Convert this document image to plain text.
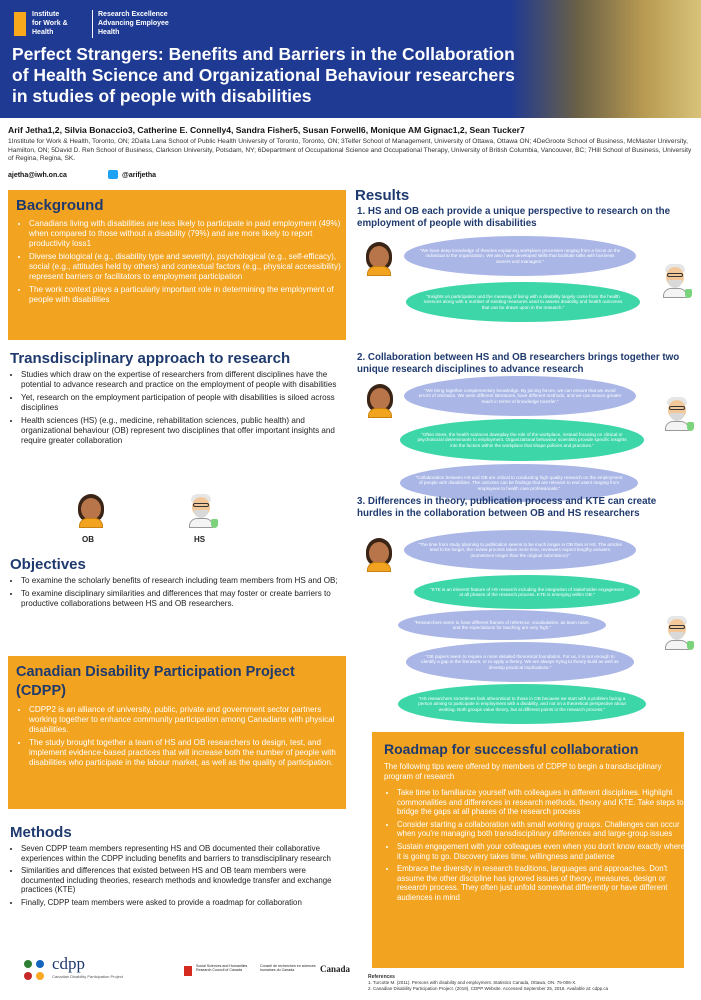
Institute
for Work &
Health
Research Excellence
Advancing Employee
Health
Perfect Strangers: Benefits and Barriers in the Collaboration of Health Science and Organizational Behaviour researchers in studies of people with disabilities
Arif Jetha1,2, Silvia Bonaccio3, Catherine E. Connelly4, Sandra Fisher5, Susan Forwell6, Monique AM Gignac1,2, Sean Tucker7
1Institute for Work & Health, Toronto, ON; 2Dalla Lana School of Public Health University of Toronto, Toronto, ON; 3Telfer School of Management, University of Ottawa, Ottawa ON; 4DeGroote School of Business, McMaster University, Hamilton, ON; 5David D. Reh School of Business, Clarkson University, Potsdam, NY; 6Department of Occupational Science and Occupational Therapy, University of British Columbia, Vancouver, BC; 7Hill School of Business, University of Regina, Regina, SK.
ajetha@iwh.on.ca	@arifjetha
Background
• Canadians living with disabilities are less likely to participate in paid employment (49%) when compared to those without a disability (79%) and are more likely to report productivity loss1
• Diverse biological (e.g., disability type and severity), psychological (e.g., self-efficacy), social (e.g., attitudes held by others) and contextual factors (e.g., physical accessibility) represent barriers or facilitators to employment participation
• The work context plays a particularly important role in determining the employment of people with disabilities
Transdisciplinary approach to research
• Studies which draw on the expertise of researchers from different disciplines have the potential to advance research and practice on the employment of people with disabilities
• Yet, research on the employment participation of people with disabilities is siloed across disciplines
• Health sciences (HS) (e.g., medicine, rehabilitation sciences, public health) and organizational behaviour (OB) represent two disciplines that offer important insights and require greater collaboration
OB	HS
Objectives
• To examine the scholarly benefits of research including team members from HS and OB;
• To examine disciplinary similarities and differences that may foster or create barriers to productive collaborations between HS and OB researchers.
Canadian Disability Participation Project (CDPP)
• CDPP2 is an alliance of university, public, private and government sector partners working together to enhance community participation among Canadians with physical disabilities.
• The study brought together a team of HS and OB researchers to design, test, and implement evidence-based practices that will increase both the number of people with disabilities who participate in the labour market, as well as the quality of participation.
Methods
• Seven CDPP team members representing HS and OB documented their collaborative experiences within the CDPP including benefits and barriers to transdisciplinary research
• Similarities and differences that existed between HS and OB team members were documented including theories, research methods and knowledge transfer and exchange practices (KTE)
• Finally, CDPP team members were asked to provide a roadmap for collaboration
cdpp
Canadian Disability Participation Project
Social Sciences and Humanities Research Council of Canada
Conseil de recherches en sciences humaines du Canada	Canada
Results
1. HS and OB each provide a unique perspective to research on the employment of people with disabilities
"We have deep knowledge of theories explaining workplace processes ranging from a focus on the individual to the organization. We also have developed skills that facilitate talks with business owners and managers."
"Insights on participation and the meaning of living with a disability largely come from the health sciences along with a number of existing measures used to assess disability and health outcomes that can be drawn upon in the research."
2. Collaboration between HS and OB researchers brings together two unique research disciplines to advance research
"We bring together complementary knowledge. By joining forces, we can ensure that we avoid errors of omission. We were different literatures, have different methods, and we can ensure greater reach in terms of knowledge transfer."
"Often times, the health sciences downplay the role of the workplace, instead focusing on clinical or psychosocial determinants to employment. Organizational behaviour scientists provide specific insights into the factors within the workplace that shape policies and practices."
"Collaboration between HS and OB are critical to conducting high quality research on the employment of people with disabilities. The outcome can be findings that are relevant to end users ranging from employees to health care professionals."
3. Differences in theory, publication process and KTE can create hurdles in the collaboration between OB and HS researchers
"The time from study planning to publication seems to be much longer in OB than in HS. The articles tend to be longer, the review process takes more time, reviewers expect lengthy answers (sometimes longer than the original submission)"
"KTE is an inherent feature of HS research including the integration of stakeholder engagement at all phases of the research process. KTE is emerging within OB."
"Researchers seem to have different frames of reference, vocabularies, as team roam, and the expectations for teaching are very high."
"OB papers seem to require a more detailed theoretical foundation. For us, it is not enough to identify a gap in the literature, or to apply a theory. We are always trying to theory-build as well as develop practical implications."
"HS researchers sometimes look atheoretical to those in OB because we start with a problem facing a person aiming to participate in employment with a disability, and not on a theoretical perspective about working. Both groups value theory, but at different points in the research process."
Roadmap for successful collaboration
The following tips were offered by members of CDPP to begin a transdisciplinary program of research
• Take time to familiarize yourself with colleagues in different disciplines. Highlight commonalities and differences in research methods, theory and KTE. Take steps to bridge the gaps at all phases of the research process
• Consider starting a collaboration with small working groups. Challenges can occur when you're managing both transdisciplinary differences and large-group issues
• Sustain engagement with your colleagues even when you don't know exactly where it is going to go. Discovery takes time, willingness and patience
• Embrace the diversity in research traditions, languages and approaches. Don't assume the other discipline has ignored issues of theory, measures, design or research process. They often just unfold somewhat differently or have different audiences in mind
References
1. Turcotte M. (2011). Persons with disability and employment. Statistics Canada, Ottawa, ON. 75-006-X.
2. Canadian Disability Participation Project. (2018). CDPP Website. Accessed September 25, 2018. Available at: cdpp.ca
